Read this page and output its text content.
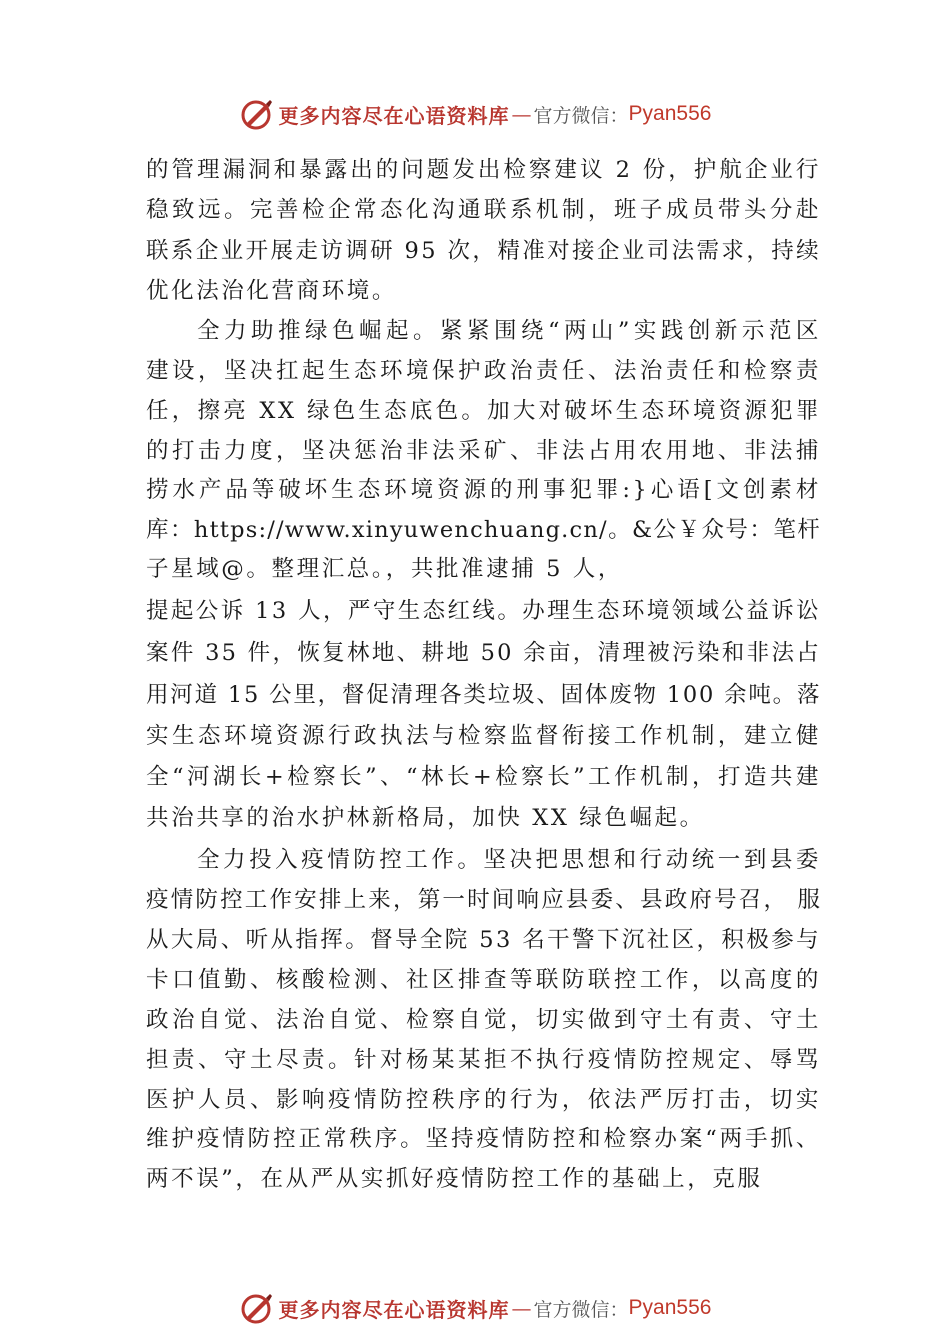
更多内容尽在心语资料库 — 官方微信： Pyan556
的管理漏洞和暴露出的问题发出检察建议 2 份，护航企业行
稳致远。完善检企常态化沟通联系机制，班子成员带头分赴
联系企业开展走访调研 95 次，精准对接企业司法需求，持续
优化法治化营商环境。
全力助推绿色崛起。紧紧围绕“两山”实践创新示范区
建设，坚决扛起生态环境保护政治责任、法治责任和检察责
任，擦亮 XX 绿色生态底色。加大对破坏生态环境资源犯罪
的打击力度，坚决惩治非法采矿、非法占用农用地、非法捕
捞水产品等破坏生态环境资源的刑事犯罪:}心语[文创素材
库：https://www.xinyuwenchuang.cn/。&公￥众号：笔杆
子星域@。整理汇总。，共批准逮捕 5 人，
提起公诉 13 人，严守生态红线。办理生态环境领域公益诉讼
案件 35 件，恢复林地、耕地 50 余亩，清理被污染和非法占
用河道 15 公里，督促清理各类垃圾、固体废物 100 余吨。落
实生态环境资源行政执法与检察监督衔接工作机制，建立健
全“河湖长+检察长”、“林长+检察长”工作机制，打造共建
共治共享的治水护林新格局，加快 XX 绿色崛起。
全力投入疫情防控工作。坚决把思想和行动统一到县委
疫情防控工作安排上来，第一时间响应县委、县政府号召， 服
从大局、听从指挥。督导全院 53 名干警下沉社区，积极参与
卡口值勤、核酸检测、社区排查等联防联控工作，以高度的
政治自觉、法治自觉、检察自觉，切实做到守土有责、守土
担责、守土尽责。针对杨某某拒不执行疫情防控规定、辱骂
医护人员、影响疫情防控秩序的行为，依法严厉打击，切实
维护疫情防控正常秩序。坚持疫情防控和检察办案“两手抓、
两不误”，在从严从实抓好疫情防控工作的基础上，克服
更多内容尽在心语资料库 — 官方微信： Pyan556
